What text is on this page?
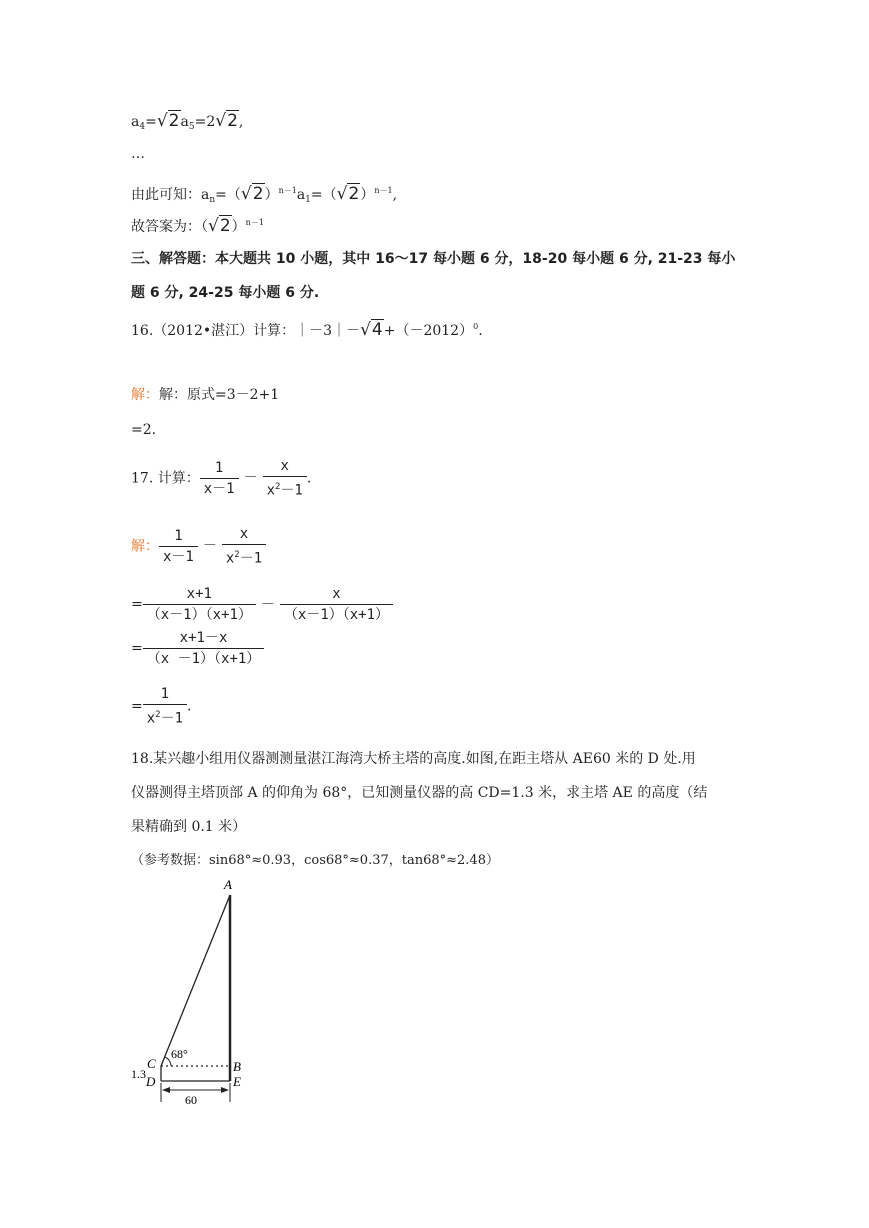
$a_4=√2a_5=2√2$,
…
由此可知：$a_n=(√2)^{n-1}a_1=(√2)^{n-1}$,
故答案为：$(√2)^{n-1}$
三、解答题：本大题共 10 小题，其中 16～17 每小题 6 分，18-20 每小题 6 分, 21-23 每小
题 6 分, 24-25 每小题 6 分.
16.（2012•湛江）计算：$|-3|-√4+(-2012)^0$.
解：解：原式=3－2+1
=2.
17. 计算： $\frac{1}{x-1} - \frac{x}{x^2-1}$ .
解： $\frac{1}{x-1} - \frac{x}{x^2-1}$
= $\frac{x+1}{(x-1)(x+1)} - \frac{x}{(x-1)(x+1)}$
= $\frac{x+1-x}{(x -1)(x+1)}$
= $\frac{1}{x^2-1}$ .
18.某兴趣小组用仪器测测量湛江海湾大桥主塔的高度.如图,在距主塔从 AE60 米的 D 处.用
仪器测得主塔顶部 A 的仰角为 68°，已知测量仪器的高 CD=1.3 米，求主塔 AE 的高度（结
果精确到 0.1 米）
（参考数据：sin68°≈0.93，cos68°≈0.37，tan68°≈2.48）
A
B
C
D	E
68°
1.3
60
